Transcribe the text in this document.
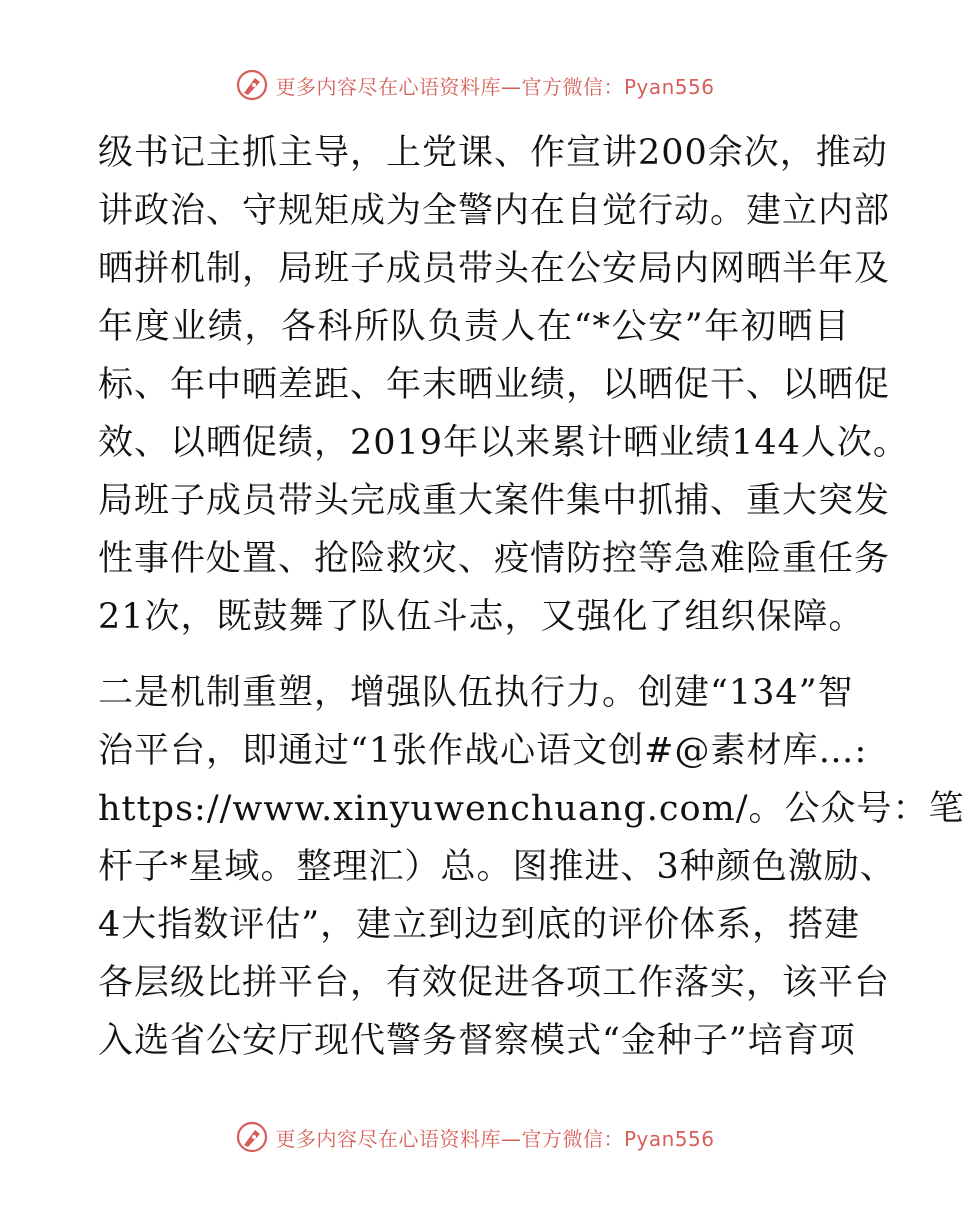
更多内容尽在心语资料库—官方微信：Pyan556
级书记主抓主导，上党课、作宣讲200余次，推动
讲政治、守规矩成为全警内在自觉行动。建立内部
晒拼机制，局班子成员带头在公安局内网晒半年及
年度业绩，各科所队负责人在“*公安”年初晒目
标、年中晒差距、年末晒业绩，以晒促干、以晒促
效、以晒促绩，2019年以来累计晒业绩144人次。
局班子成员带头完成重大案件集中抓捕、重大突发
性事件处置、抢险救灾、疫情防控等急难险重任务
21次，既鼓舞了队伍斗志，又强化了组织保障。
二是机制重塑，增强队伍执行力。创建“134”智
治平台，即通过“1张作战心语文创#@素材库…:
https://www.xinyuwenchuang.com/。公众号：笔
杆子*星域。整理汇）总。图推进、3种颜色激励、
4大指数评估”，建立到边到底的评价体系，搭建
各层级比拼平台，有效促进各项工作落实，该平台
入选省公安厅现代警务督察模式“金种子”培育项
更多内容尽在心语资料库—官方微信：Pyan556
